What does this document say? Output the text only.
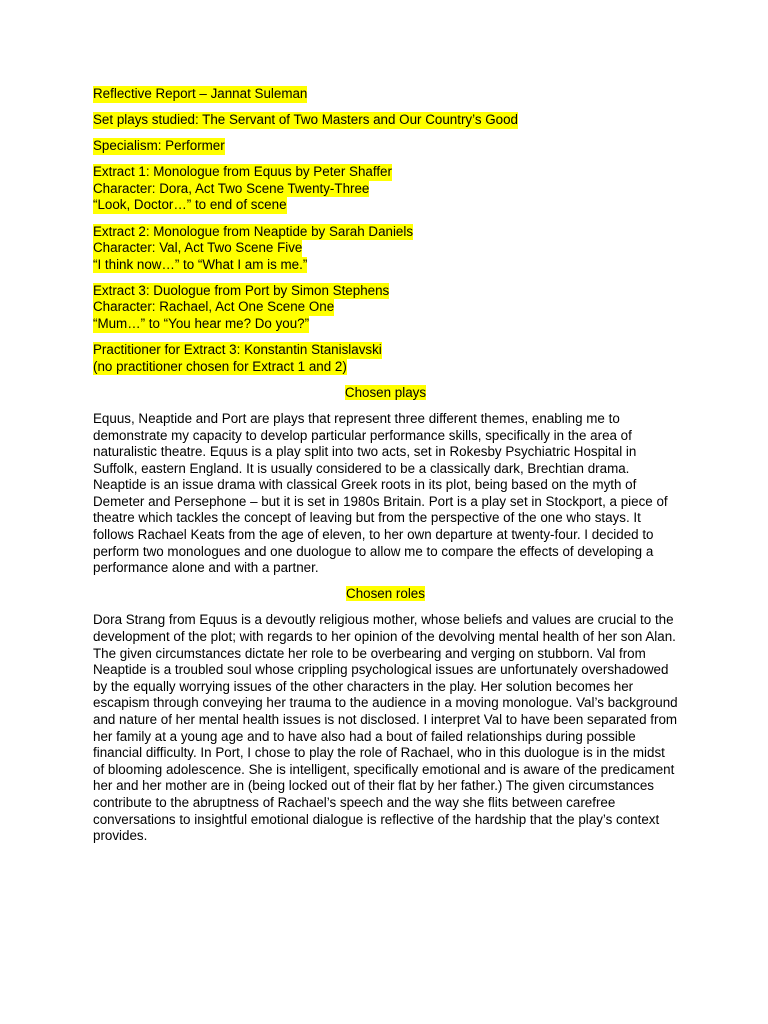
Reflective Report – Jannat Suleman
Set plays studied: The Servant of Two Masters and Our Country’s Good
Specialism: Performer
Extract 1: Monologue from Equus by Peter Shaffer
Character: Dora, Act Two Scene Twenty-Three
“Look, Doctor…” to end of scene
Extract 2: Monologue from Neaptide by Sarah Daniels
Character: Val, Act Two Scene Five
“I think now…” to “What I am is me.”
Extract 3: Duologue from Port by Simon Stephens
Character: Rachael, Act One Scene One
“Mum…” to “You hear me? Do you?”
Practitioner for Extract 3: Konstantin Stanislavski
(no practitioner chosen for Extract 1 and 2)
Chosen plays

Equus, Neaptide and Port are plays that represent three different themes, enabling me to demonstrate my capacity to develop particular performance skills, specifically in the area of naturalistic theatre. Equus is a play split into two acts, set in Rokesby Psychiatric Hospital in Suffolk, eastern England. It is usually considered to be a classically dark, Brechtian drama. Neaptide is an issue drama with classical Greek roots in its plot, being based on the myth of Demeter and Persephone – but it is set in 1980s Britain. Port is a play set in Stockport, a piece of theatre which tackles the concept of leaving but from the perspective of the one who stays. It follows Rachael Keats from the age of eleven, to her own departure at twenty-four. I decided to perform two monologues and one duologue to allow me to compare the effects of developing a performance alone and with a partner.

Chosen roles

Dora Strang from Equus is a devoutly religious mother, whose beliefs and values are crucial to the development of the plot; with regards to her opinion of the devolving mental health of her son Alan. The given circumstances dictate her role to be overbearing and verging on stubborn. Val from Neaptide is a troubled soul whose crippling psychological issues are unfortunately overshadowed by the equally worrying issues of the other characters in the play. Her solution becomes her escapism through conveying her trauma to the audience in a moving monologue. Val’s background and nature of her mental health issues is not disclosed. I interpret Val to have been separated from her family at a young age and to have also had a bout of failed relationships during possible financial difficulty. In Port, I chose to play the role of Rachael, who in this duologue is in the midst of blooming adolescence. She is intelligent, specifically emotional and is aware of the predicament her and her mother are in (being locked out of their flat by her father.) The given circumstances contribute to the abruptness of Rachael’s speech and the way she flits between carefree conversations to insightful emotional dialogue is reflective of the hardship that the play’s context provides.
